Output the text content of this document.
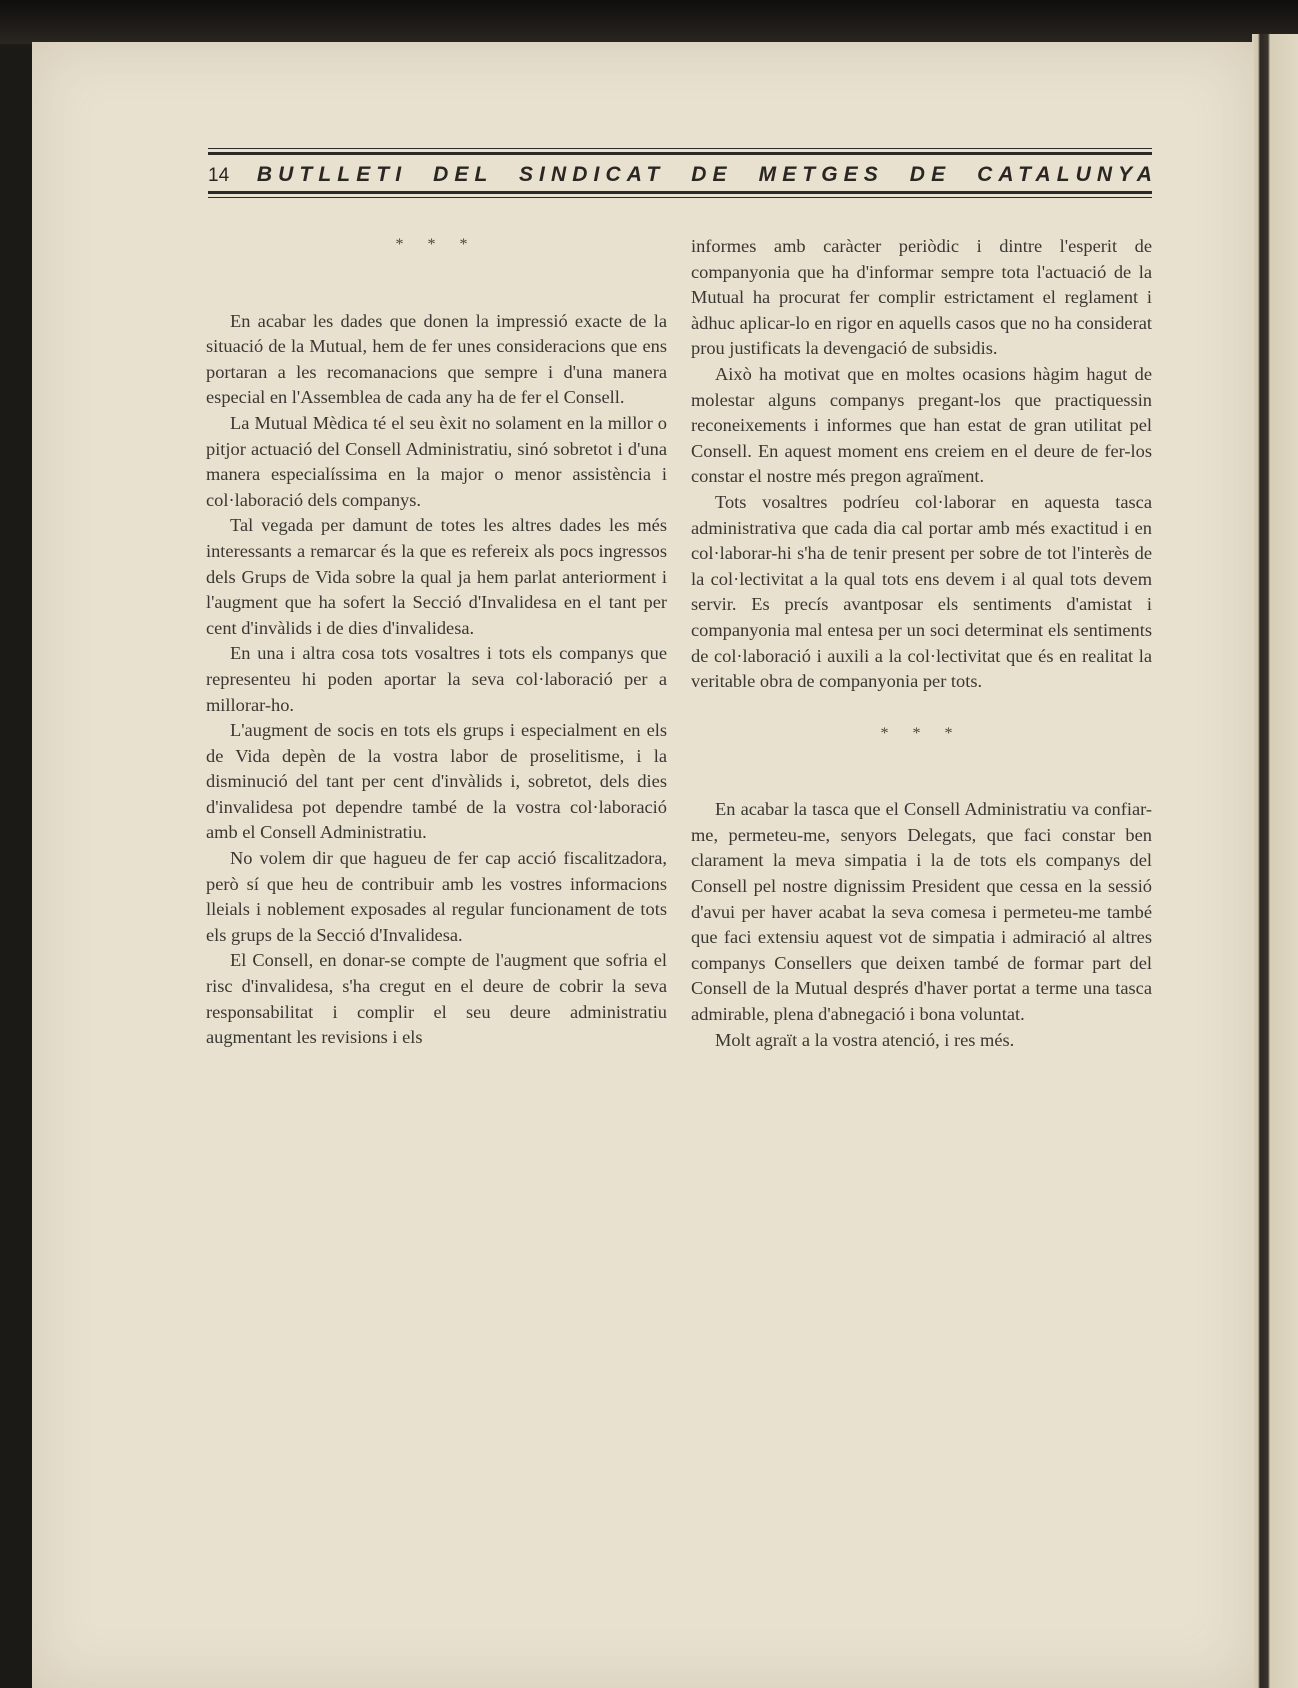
14 BUTLLETI DEL SINDICAT DE METGES DE CATALUNYA
* * *

En acabar les dades que donen la impressió exacte de la situació de la Mutual, hem de fer unes consideracions que ens portaran a les recomanacions que sempre i d'una manera especial en l'Assemblea de cada any ha de fer el Consell.

La Mutual Mèdica té el seu èxit no solament en la millor o pitjor actuació del Consell Administratiu, sinó sobretot i d'una manera especialíssima en la major o menor assistència i col·laboració dels companys.

Tal vegada per damunt de totes les altres dades les més interessants a remarcar és la que es refereix als pocs ingressos dels Grups de Vida sobre la qual ja hem parlat anteriorment i l'augment que ha sofert la Secció d'Invalidesa en el tant per cent d'invàlids i de dies d'invalidesa.

En una i altra cosa tots vosaltres i tots els companys que representeu hi poden aportar la seva col·laboració per a millorar-ho.

L'augment de socis en tots els grups i especialment en els de Vida depèn de la vostra labor de proselitisme, i la disminució del tant per cent d'invàlids i, sobretot, dels dies d'invalidesa pot dependre també de la vostra col·laboració amb el Consell Administratiu.

No volem dir que hagueu de fer cap acció fiscalitzadora, però sí que heu de contribuir amb les vostres informacions lleials i noblement exposades al regular funcionament de tots els grups de la Secció d'Invalidesa.

El Consell, en donar-se compte de l'augment que sofria el risc d'invalidesa, s'ha cregut en el deure de cobrir la seva responsabilitat i complir el seu deure administratiu augmentant les revisions i els

informes amb caràcter periòdic i dintre l'esperit de companyonia que ha d'informar sempre tota l'actuació de la Mutual ha procurat fer complir estrictament el reglament i àdhuc aplicar-lo en rigor en aquells casos que no ha considerat prou justificats la devengació de subsidis.

Això ha motivat que en moltes ocasions hàgim hagut de molestar alguns companys pregant-los que practiquessin reconeixements i informes que han estat de gran utilitat pel Consell. En aquest moment ens creiem en el deure de fer-los constar el nostre més pregon agraïment.

Tots vosaltres podríeu col·laborar en aquesta tasca administrativa que cada dia cal portar amb més exactitud i en col·laborar-hi s'ha de tenir present per sobre de tot l'interès de la col·lectivitat a la qual tots ens devem i al qual tots devem servir. Es precís avantposar els sentiments d'amistat i companyonia mal entesa per un soci determinat els sentiments de col·laboració i auxili a la col·lectivitat que és en realitat la veritable obra de companyonia per tots.

* * *

En acabar la tasca que el Consell Administratiu va confiar-me, permeteu-me, senyors Delegats, que faci constar ben clarament la meva simpatia i la de tots els companys del Consell pel nostre dignissim President que cessa en la sessió d'avui per haver acabat la seva comesa i permeteu-me també que faci extensiu aquest vot de simpatia i admiració al altres companys Consellers que deixen també de formar part del Consell de la Mutual després d'haver portat a terme una tasca admirable, plena d'abnegació i bona voluntat.

Molt agraït a la vostra atenció, i res més.
